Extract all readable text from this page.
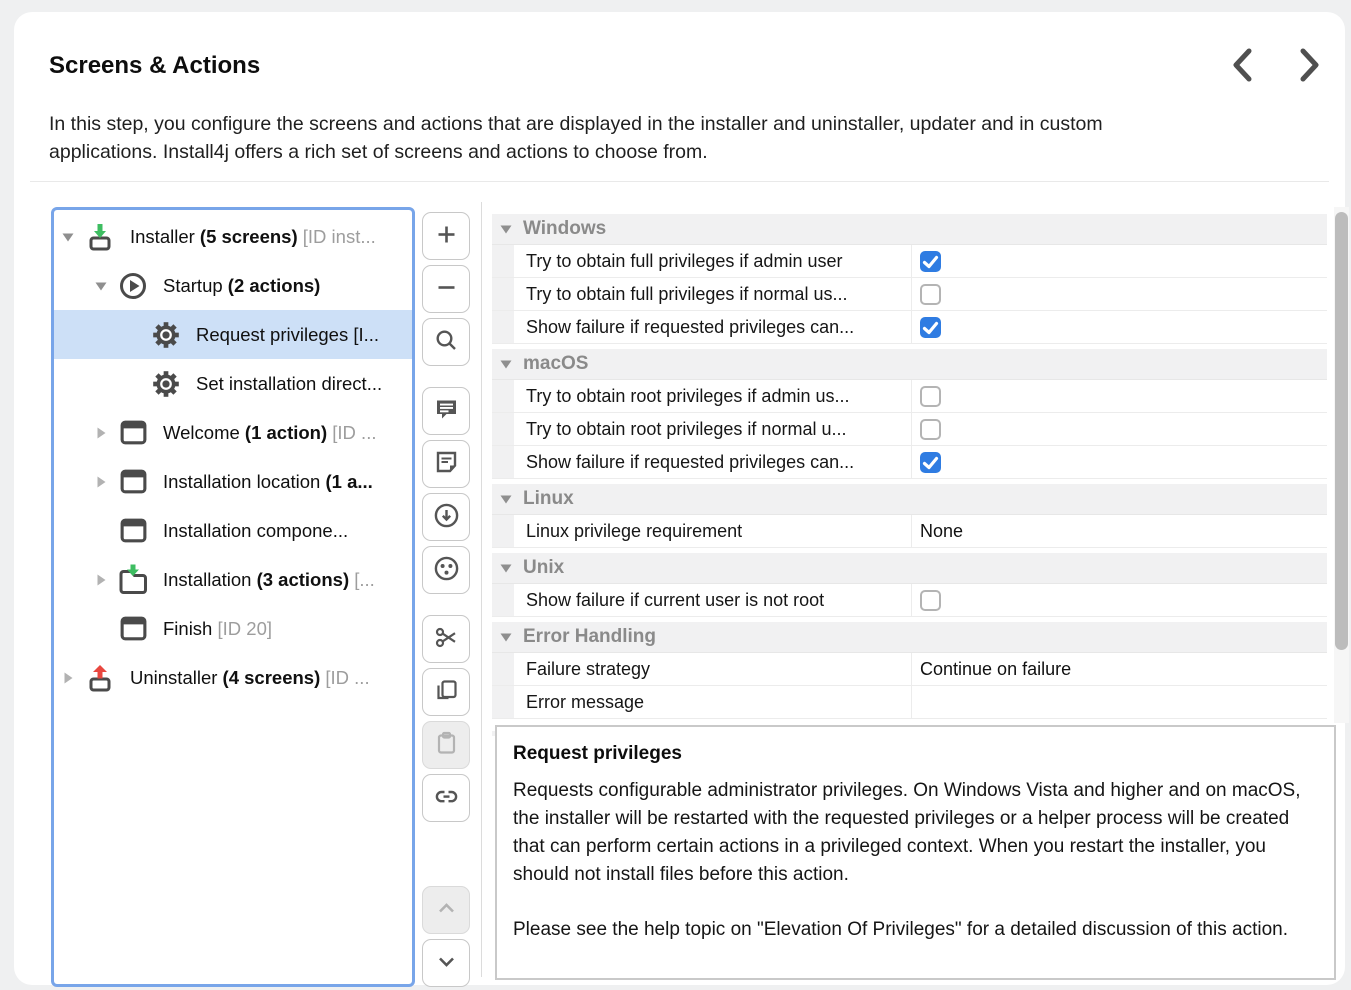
Screens & Actions
In this step, you configure the screens and actions that are displayed in the installer and uninstaller, updater and in custom applications. Install4j offers a rich set of screens and actions to choose from.
Installer (5 screens) [ID inst...
Startup (2 actions)
Request privileges [I...
Set installation direct...
Welcome (1 action) [ID ...
Installation location (1 a...
Installation compone...
Installation (3 actions) [...
Finish [ID 20]
Uninstaller (4 screens) [ID ...
Windows
Try to obtain full privileges if admin user
Try to obtain full privileges if normal us...
Show failure if requested privileges can...
macOS
Try to obtain root privileges if admin us...
Try to obtain root privileges if normal u...
Show failure if requested privileges can...
Linux
Linux privilege requirement	None
Unix
Show failure if current user is not root
Error Handling
Failure strategy	Continue on failure
Error message
Request privileges

Requests configurable administrator privileges. On Windows Vista and higher and on macOS, the installer will be restarted with the requested privileges or a helper process will be created that can perform certain actions in a privileged context. When you restart the installer, you should not install files before this action.

Please see the help topic on "Elevation Of Privileges" for a detailed discussion of this action.
